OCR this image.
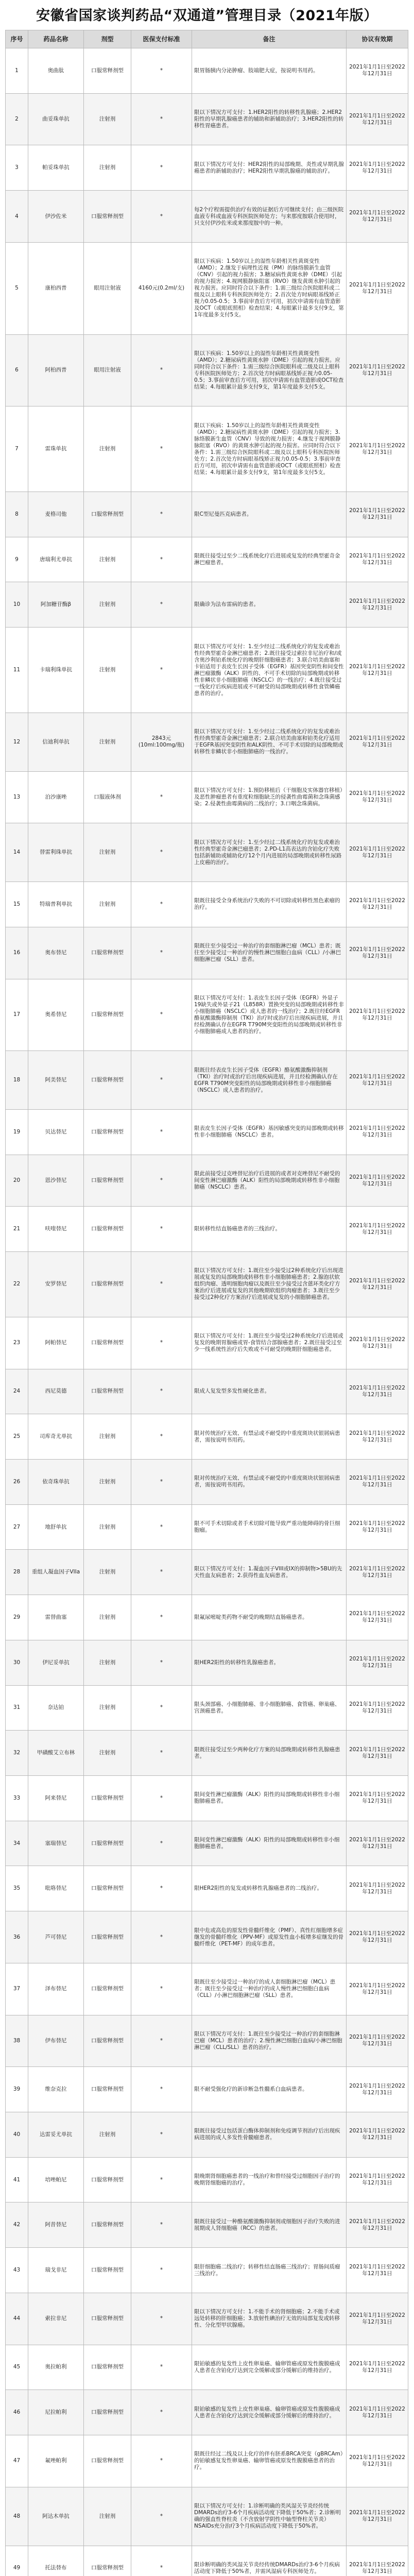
安徽省国家谈判药品“双通道”管理目录（2021年版）
序号	药品名称	剂型	医保支付标准	备注	协议有效期
1	奥曲肽	口服常释剂型	*	限胃肠胰内分泌肿瘤、肢端肥大症，按说明书用药。	2021年1月1日至2022年12月31日
2	曲妥珠单抗	注射剂	*	限以下情况方可支付：1.HER2阳性的转移性乳腺癌；2.HER2阳性的早期乳腺癌患者的辅助和新辅助治疗；3.HER2阳性的转移性胃癌患者。	2021年1月1日至2022年12月31日
3	帕妥珠单抗	注射剂	*	限以下情况方可支付：HER2阳性的局部晚期、炎性或早期乳腺癌患者的新辅助治疗；HER2阳性早期乳腺癌的辅助治疗。	2021年1月1日至2022年12月31日
4	伊沙佐米	口服常释剂型	*	每2个疗程需提供治疗有效的证据后方可继续支付；由三级医院血液专科或血液专科医院医师处方；与来那度胺联合使用时，只支付伊沙佐米或来那度胺中的一种。	2021年1月1日至2022年12月31日
5	康柏西普	眼用注射液	4160元(0.2ml/支)	限以下疾病：1.50岁以上的湿性年龄相关性黄斑变性（AMD）；2.继发于病理性近视（PM）的脉络膜新生血管（CNV）引起的视力损害；3.糖尿病性黄斑水肿（DME）引起的视力损害；4.视网膜静脉阻塞（RVO）继发黄斑水肿引起的视力损害。应同时符合以下条件：1.需三级综合医院眼科或二级及以上眼科专科医院医师处方；2.首次处方时病眼基线矫正视力0.05-0.5；3.事前审查后方可用，初次申请需有血管造影及OCT（或眼底照相）检查结果；4.每眼累计最多支付9支，第1年度最多支付5支。	2021年1月1日至2022年12月31日
6	阿柏西普	眼用注射液	*	限以下疾病：1.50岁以上的湿性年龄相关性黄斑变性（AMD）；2.糖尿病性黄斑水肿（DME）引起的视力损害。应同时符合以下条件：1.需三级综合医院眼科或二级及以上眼科专科医院医师处方；2.首次处方时病眼基线矫正视力0.05-0.5；3.事前审查后方可用，初次申请需有血管造影或OCT检查结果；4.每眼累计最多支付9支，第1年度最多支付5支。	2021年1月1日至2022年12月31日
7	雷珠单抗	注射剂	*	限以下疾病：1.50岁以上的湿性年龄相关性黄斑变性（AMD）；2.糖尿病性黄斑水肿（DME）引起的视力损害；3.脉络膜新生血管（CNV）导致的视力损害；4.继发于视网膜静脉阻塞（RVO）的黄斑水肿引起的视力损害。应同时符合以下条件：1.需三级综合医院眼科或二级及以上眼科专科医院医师处方；2.首次处方时病眼基线矫正视力0.05-0.5；3.事前审查后方可用，初次申请需有血管造影或OCT（或眼底照相）检查结果；4.每眼累计最多支付9支，第1年度最多支付5支。	2021年1月1日至2022年12月31日
8	麦格司他	口服常释剂型	*	限C型尼曼匹克病患者。	2021年1月1日至2022年12月31日
9	唐瑞利尤单抗	注射剂	*	限既往接受过至少二线系统化疗后进展或复发的经典型霍奇金淋巴瘤患者。	2021年1月1日至2022年12月31日
10	阿加糖苷酶β	注射剂	*	限确诊为法布雷病的患者。	2021年1月1日至2022年12月31日
11	卡瑞利珠单抗	注射剂	*	限以下情况方可支付：1.至少经过二线系统化疗的复发或难治性经典型霍奇金淋巴瘤患者；2.既往接受过索拉非尼治疗和/或含奥沙利铂系统化疗的晚期肝细胞癌患者；3.联合培美曲塞和卡铂适用于表皮生长因子受体（EGFR）基因突变阴性和间变性淋巴瘤激酶（ALK）阴性的、不可手术切除的局部晚期或转移性非鳞状非小细胞肺癌（NSCLC）的一线治疗；4.既往接受过一线化疗后疾病进展或不可耐受的局部晚期或转移性食管鳞癌患者的治疗。	2021年1月1日至2022年12月31日
12	信迪利单抗	注射剂	2843元(10ml:100mg/瓶)	限以下情况方可支付：1.至少经过二线系统化疗的复发或难治性经典型霍奇金淋巴瘤患者；2.联合培美曲塞和铂类化疗适用于EGFR基因突变阴性和ALK阴性、不可手术切除的局部晚期或转移性非鳞状非小细胞肺癌的一线治疗。	2021年1月1日至2022年12月31日
13	泊沙康唑	口服液体剂	*	限以下情况方可支付：1.预防移植后（干细胞及实体器官移植）及恶性肿瘤患者有重度粒细胞缺乏的侵袭性曲霉菌和念珠菌感染；2.侵袭性曲霉菌病的二线治疗；3.口咽念珠菌病。	2021年1月1日至2022年12月31日
14	替雷利珠单抗	注射剂	*	限以下情况方可支付：1.至少经过二线系统化疗的复发或难治性经典型霍奇金淋巴瘤患者；2.PD-L1高表达的含铂化疗失败包括新辅助或辅助化疗12个月内进展的局部晚期或转移性尿路上皮癌的治疗。	2021年1月1日至2022年12月31日
15	特瑞普利单抗	注射剂	*	限既往接受全身系统治疗失败的不可切除或转移性黑色素瘤的治疗。	2021年1月1日至2022年12月31日
16	奥布替尼	口服常释剂型	*	限既往至少接受过一种治疗的套细胞淋巴瘤（MCL）患者；既往至少接受过一种治疗的慢性淋巴细胞白血病（CLL）/小淋巴细胞淋巴瘤（SLL）患者。	2021年1月1日至2022年12月31日
17	奥希替尼	口服常释剂型	*	限以下情况方可支付：1.表皮生长因子受体（EGFR）外显子19缺失或外显子21（L858R）置换突变的局部晚期或转移性非小细胞肺癌（NSCLC）成人患者的一线治疗；2.既往经EGFR酪氨酸激酶抑制剂（TKI）治疗时或治疗后出现疾病进展，并且经检测确认存在EGFR T790M突变阳性的局部晚期或转移性非小细胞肺癌成人患者的治疗。	2021年1月1日至2022年12月31日
18	阿美替尼	口服常释剂型	*	限既往经表皮生长因子受体（EGFR）酪氨酸激酶抑制剂（TKI）治疗时或治疗后出现疾病进展，并且经检测确认存在EGFR T790M突变阳性的局部晚期或转移性非小细胞肺癌（NSCLC）成人患者的治疗。	2021年1月1日至2022年12月31日
19	贝达替尼	口服常释剂型	*	限表皮生长因子受体（EGFR）基因敏感突变的局部晚期或转移性非小细胞肺癌（NSCLC）患者。	2021年1月1日至2022年12月31日
20	恩沙替尼	口服常释剂型	*	限此前接受过克唑替尼治疗后进展的或者对克唑替尼不耐受的间变性淋巴瘤激酶（ALK）阳性的局部晚期或转移性非小细胞肺癌（NSCLC）患者。	2021年1月1日至2022年12月31日
21	呋喹替尼	口服常释剂型	*	限转移性结直肠癌患者的三线治疗。	2021年1月1日至2022年12月31日
22	安罗替尼	口服常释剂型	*	限以下情况方可支付：1.既往至少接受过2种系统化疗后出现进展或复发的局部晚期或转移性非小细胞肺癌患者；2.腺泡状软组织肉瘤、透明细胞肉瘤以及既往至少接受过含蒽环类化疗方案治疗后进展或复发的其他晚期软组织肉瘤患者；3.既往至少接受过2种化疗方案治疗后进展或复发的小细胞肺癌患者。	2021年1月1日至2022年12月31日
23	阿帕替尼	口服常释剂型	*	限以下情况方可支付：1.既往至少接受过2种系统化疗后进展或复发的晚期胃腺癌或胃-食管结合部腺癌患者；2.既往接受过至少一线系统性治疗后失败或不可耐受的晚期肝细胞癌患者。	2021年1月1日至2022年12月31日
24	西尼莫德	口服常释剂型	*	限成人复发型多发性硬化患者。	2021年1月1日至2022年12月31日
25	司库奇尤单抗	注射剂	*	限对传统治疗无效、有禁忌或不耐受的中重度斑块状银屑病患者，需按说明书用药。	2021年1月1日至2022年12月31日
26	依奇珠单抗	注射剂	*	限对传统治疗无效、有禁忌或不耐受的中重度斑块状银屑病患者，需按说明书用药。	2021年1月1日至2022年12月31日
27	地舒单抗	注射剂	*	限不可手术切除或者手术切除可能导致严重功能障碍的骨巨细胞瘤。	2021年1月1日至2022年12月31日
28	重组人凝血因子VIIa	注射剂	*	限以下情况方可支付：1.凝血因子VIII或IX的抑制物>5BU的先天性血友病患者；2.获得性血友病患者。	2021年1月1日至2022年12月31日
29	雷替曲塞	注射剂	*	限氟尿嘧啶类药物不耐受的晚期结直肠癌患者。	2021年1月1日至2022年12月31日
30	伊尼妥单抗	注射剂	*	限HER2阳性的转移性乳腺癌患者。	2021年1月1日至2022年12月31日
31	奈达铂	注射剂	*	限头颈部癌、小细胞肺癌、非小细胞肺癌、食管癌、卵巢癌、宫颈癌患者。	2021年1月1日至2022年12月31日
32	甲磺酸艾立布林	注射剂	*	限既往接受过至少两种化疗方案的局部晚期或转移性乳腺癌患者。	2021年1月1日至2022年12月31日
33	阿来替尼	口服常释剂型	*	限间变性淋巴瘤激酶（ALK）阳性的局部晚期或转移性非小细胞肺癌患者。	2021年1月1日至2022年12月31日
34	塞瑞替尼	口服常释剂型	*	限间变性淋巴瘤激酶（ALK）阳性的局部晚期或转移性非小细胞肺癌患者。	2021年1月1日至2022年12月31日
35	吡咯替尼	口服常释剂型	*	限HER2阳性的复发或转移性乳腺癌患者的二线治疗。	2021年1月1日至2022年12月31日
36	芦可替尼	口服常释剂型	*	限中危或高危的原发性骨髓纤维化（PMF）、真性红细胞增多症继发的骨髓纤维化（PPV-MF）或原发性血小板增多症继发的骨髓纤维化（PET-MF）的成年患者。	2021年1月1日至2022年12月31日
37	泽布替尼	口服常释剂型	*	限既往至少接受过一种治疗的成人套细胞淋巴瘤（MCL）患者；既往至少接受过一种治疗的成人慢性淋巴细胞白血病（CLL）/小淋巴细胞淋巴瘤（SLL）患者。	2021年1月1日至2022年12月31日
38	伊布替尼	口服常释剂型	*	限以下情况方可支付：1.既往至少接受过一种治疗的套细胞淋巴瘤（MCL）患者的治疗；2.慢性淋巴细胞白血病/小淋巴细胞淋巴瘤（CLL/SLL）患者的治疗。	2021年1月1日至2022年12月31日
39	维奈克拉	口服常释剂型	*	限不耐受强化疗的新诊断急性髓系白血病患者。	2021年1月1日至2022年12月31日
40	达雷妥尤单抗	注射剂	*	限既往接受过包括蛋白酶体抑制剂和免疫调节剂治疗后出现疾病进展的成人多发性骨髓瘤患者。	2021年1月1日至2022年12月31日
41	培唑帕尼	口服常释剂型	*	限晚期肾细胞癌患者的一线治疗和曾经接受过细胞因子治疗的晚期肾细胞癌的治疗。	2021年1月1日至2022年12月31日
42	阿昔替尼	口服常释剂型	*	限既往接受过一种酪氨酸激酶抑制剂或细胞因子治疗失败的进展期成人肾细胞癌（RCC）的患者。	2021年1月1日至2022年12月31日
43	瑞戈非尼	口服常释剂型	*	限肝细胞癌二线治疗；转移性结直肠癌三线治疗；胃肠间质瘤三线治疗。	2021年1月1日至2022年12月31日
44	索拉非尼	口服常释剂型	*	限以下情况方可支付：1.不能手术的肾细胞癌；2.不能手术或远处转移的肝细胞癌；3.放射性碘治疗无效的局部复发或转移性、分化型甲状腺癌。	2021年1月1日至2022年12月31日
45	奥拉帕利	口服常释剂型	*	限铂敏感的复发性上皮性卵巢癌、输卵管癌或原发性腹膜癌成人患者在含铂化疗达到完全缓解或部分缓解后的维持治疗。	2021年1月1日至2022年12月31日
46	尼拉帕利	口服常释剂型	*	限铂敏感的复发性上皮性卵巢癌、输卵管癌或原发性腹膜癌成人患者在含铂化疗达到完全缓解或部分缓解后的维持治疗。	2021年1月1日至2022年12月31日
47	氟唑帕利	口服常释剂型	*	限既往经过二线及以上化疗的伴有胚系BRCA突变（gBRCAm）的铂敏感复发性卵巢癌、输卵管癌或原发性腹膜癌患者的治疗。	2021年1月1日至2022年12月31日
48	阿达木单抗	注射剂	*	限以下情况方可支付：1.诊断明确的类风湿关节炎经传统DMARDs治疗3-6个月疾病活动度下降低于50%者；2.诊断明确的强直性脊柱炎（不含放射学阴性中轴型脊柱关节炎）NSAIDs充分治疗3个月疾病活动度下降低于50%者。	2021年1月1日至2022年12月31日
49	托法替布	口服常释剂型	*	限诊断明确的类风湿关节炎经传统DMARDs治疗3-6个月疾病活动度下降低于50%者，并需风湿病专科医师处方。	2021年1月1日至2022年12月31日
